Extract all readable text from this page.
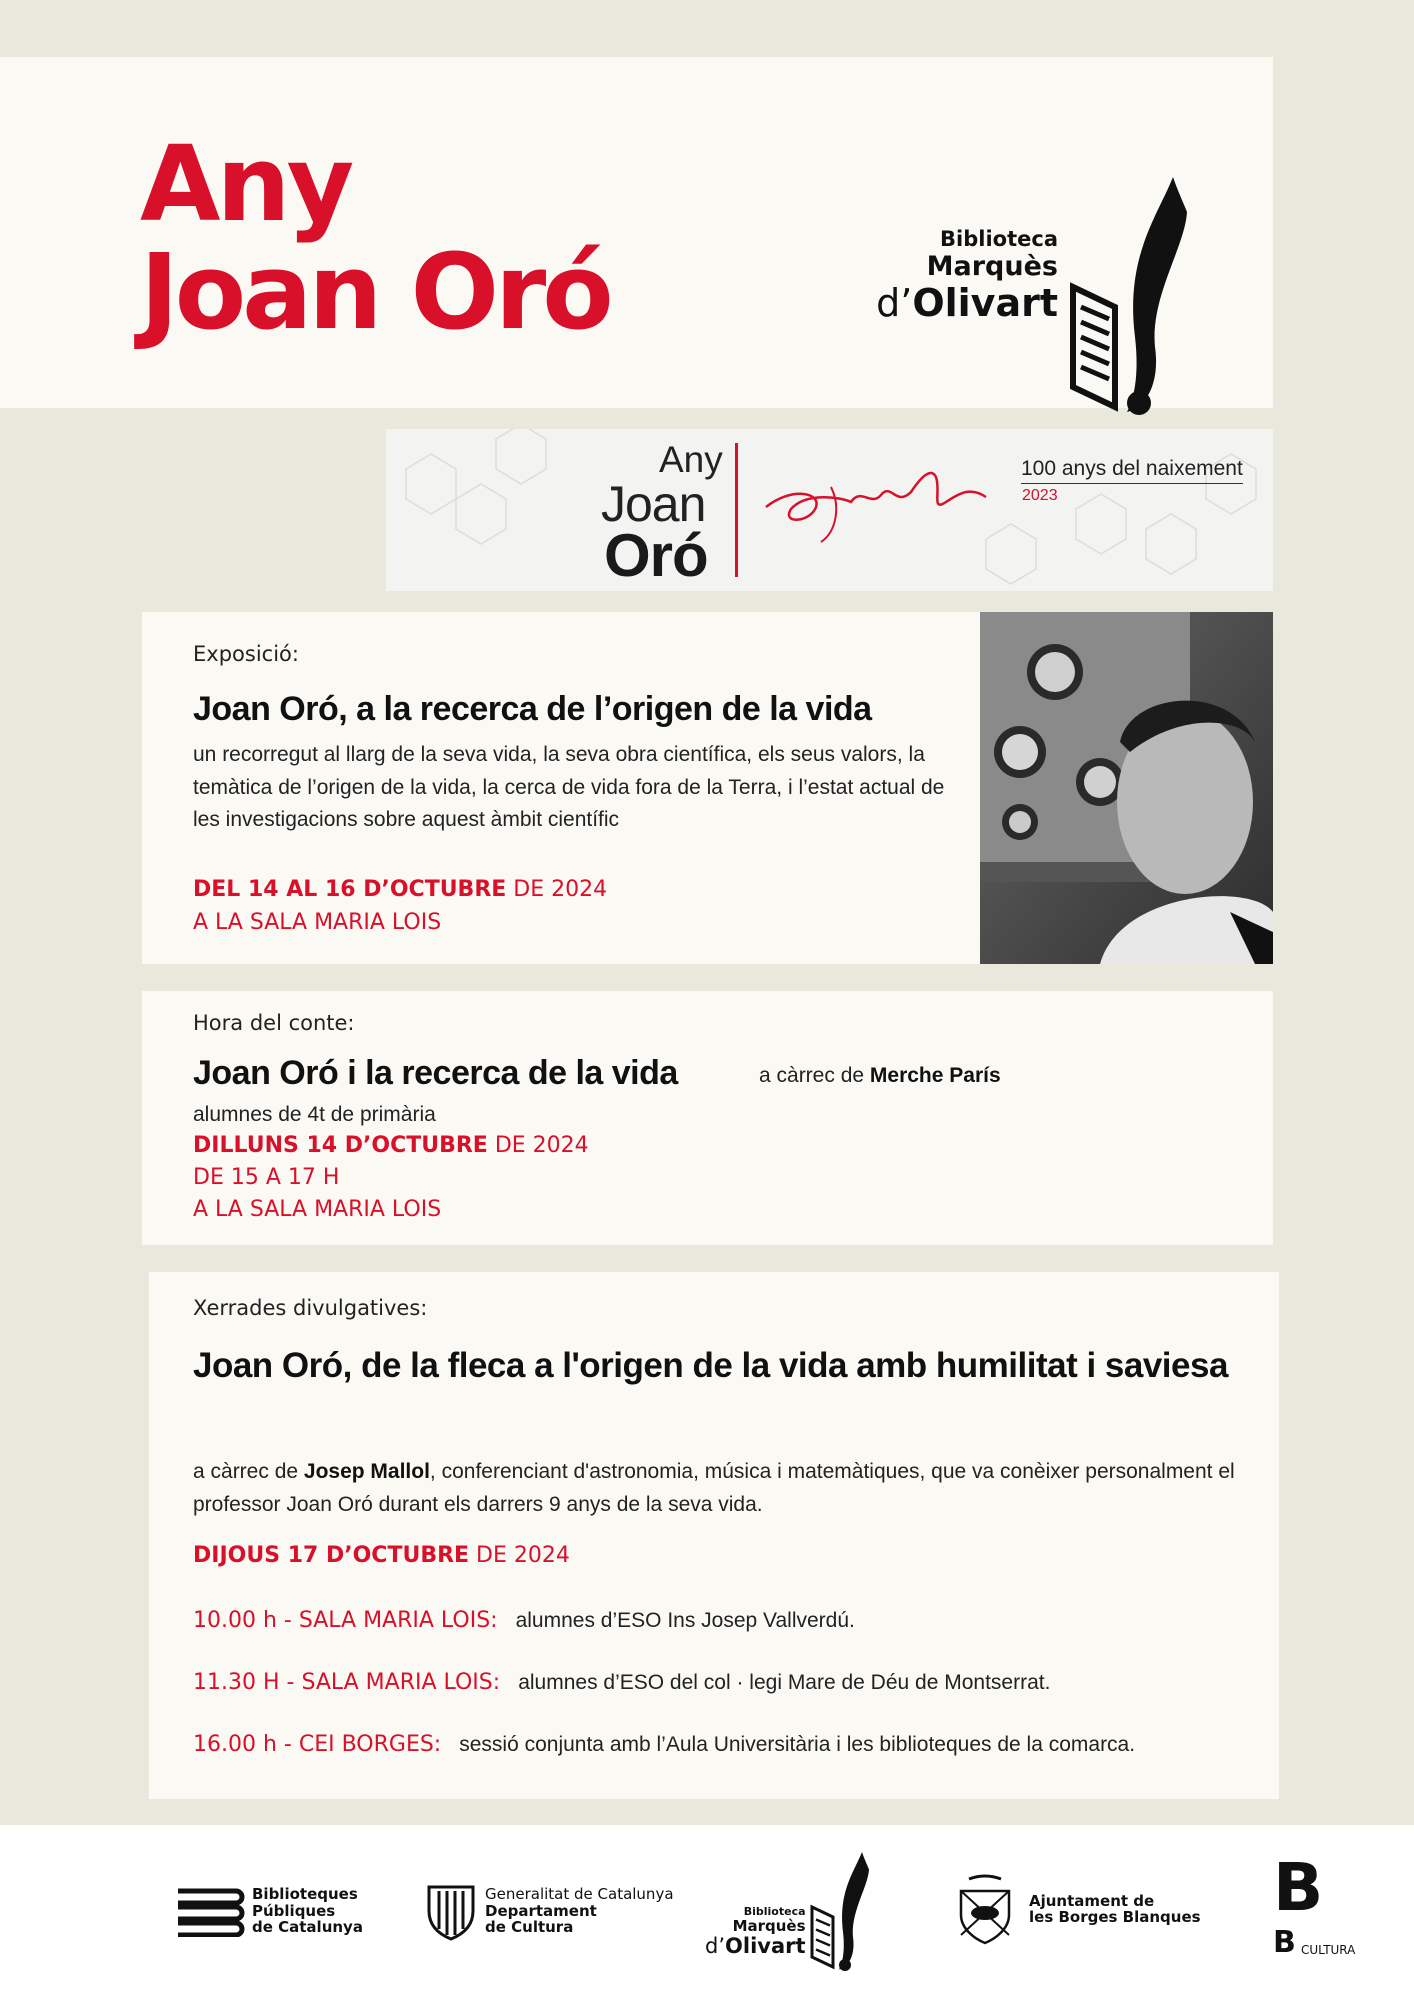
Any
Joan Oró	Biblioteca
Marquès
d’Olivart
Any
Joan
Oró
100 anys del naixement
2023
Exposició:
Joan Oró, a la recerca de l’origen de la vida
un recorregut al llarg de la seva vida, la seva obra científica, els seus valors, la temàtica de l’origen de la vida, la cerca de vida fora de la Terra, i l’estat actual de les investigacions sobre aquest àmbit científic
DEL 14 AL 16 D’OCTUBRE DE 2024
A LA SALA MARIA LOIS
Hora del conte:
Joan Oró i la recerca de la vida	a càrrec de Merche París
alumnes de 4t de primària
DILLUNS 14 D’OCTUBRE DE 2024
DE 15 A 17 H
A LA SALA MARIA LOIS
Xerrades divulgatives:
Joan Oró, de la fleca a l'origen de la vida amb humilitat i saviesa
a càrrec de Josep Mallol, conferenciant d'astronomia, música i matemàtiques, que va conèixer personalment el professor Joan Oró durant els darrers 9 anys de la seva vida.
DIJOUS 17 D’OCTUBRE DE 2024
10.00 h - SALA MARIA LOIS: alumnes d’ESO Ins Josep Vallverdú.
11.30 H - SALA MARIA LOIS: alumnes d’ESO del col · legi Mare de Déu de Montserrat.
16.00 h - CEI BORGES: sessió conjunta amb l’Aula Universitària i les biblioteques de la comarca.
Biblioteques
Públiques
de Catalunya
Generalitat de Catalunya
Departament
de Cultura
Biblioteca
Marquès
d’Olivart
Ajuntament de
les Borges Blanques B
B CULTURA
